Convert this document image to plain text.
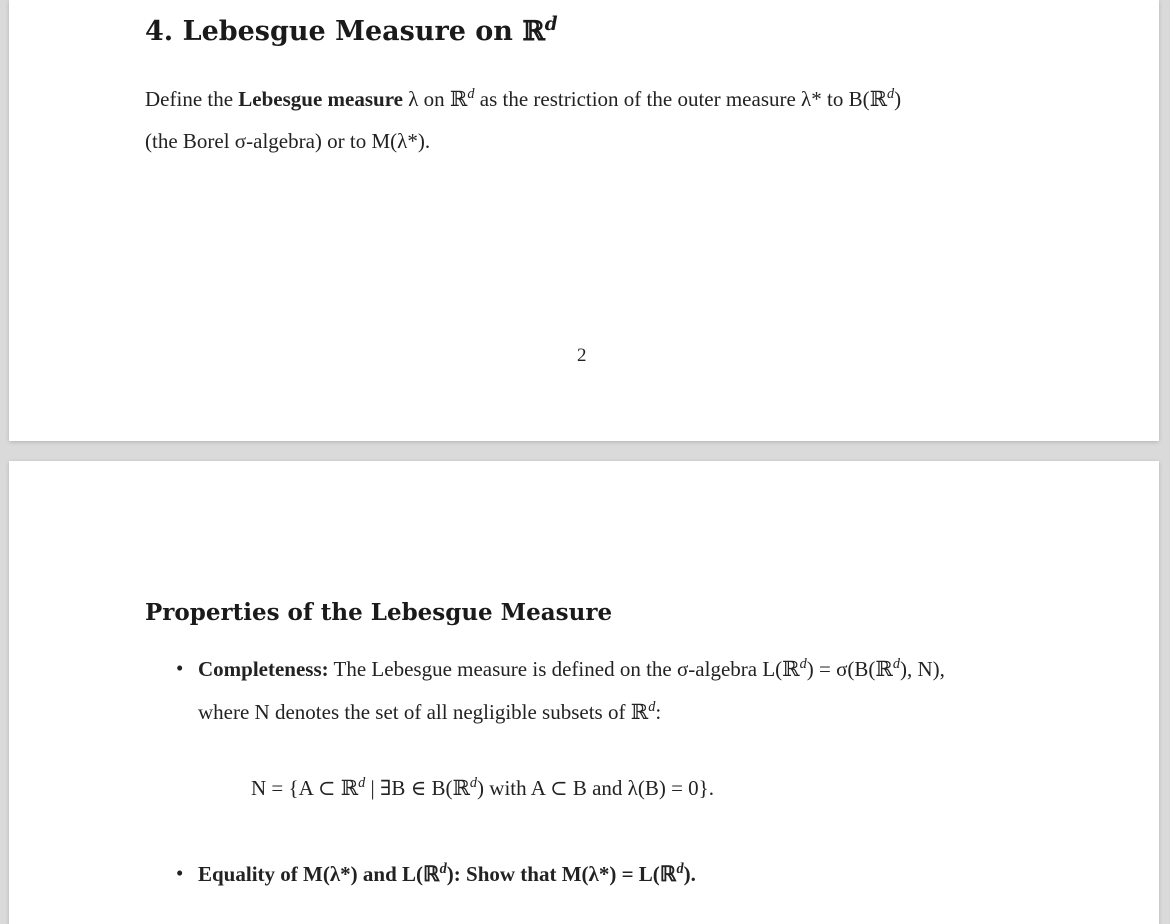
4. Lebesgue Measure on ℝ$^d$
Define the Lebesgue measure λ on ℝ$^d$ as the restriction of the outer measure λ* to B(ℝ$^d$)
(the Borel σ-algebra) or to M(λ*).
2
Properties of the Lebesgue Measure
• Completeness: The Lebesgue measure is defined on the σ-algebra L(ℝ$^d$) = σ(B(ℝ$^d$), N),
where N denotes the set of all negligible subsets of ℝ$^d$:
N = {A ⊂ ℝ$^d$ | ∃B ∈ B(ℝ$^d$) with A ⊂ B and λ(B) = 0}.
• Equality of M(λ*) and L(ℝ$^d$): Show that M(λ*) = L(ℝ$^d$).
